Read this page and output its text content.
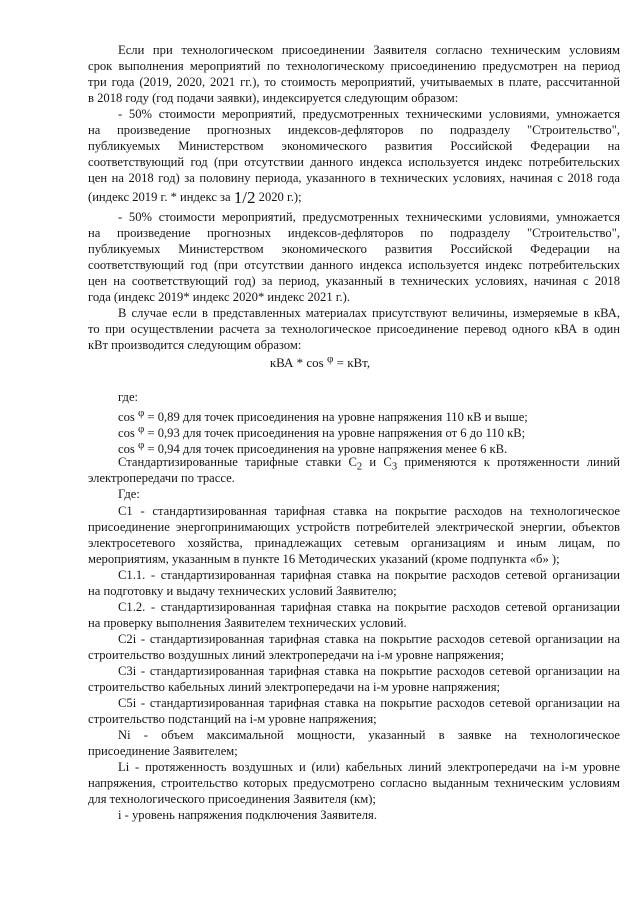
Если при технологическом присоединении Заявителя согласно техническим условиям
срок выполнения мероприятий по технологическому присоединению предусмотрен на период
три года (2019, 2020, 2021 гг.), то стоимость мероприятий, учитываемых в плате, рассчитанной
в 2018 году (год подачи заявки), индексируется следующим образом:
- 50% стоимости мероприятий, предусмотренных техническими условиями, умножается
на произведение прогнозных индексов-дефляторов по подразделу "Строительство",
публикуемых Министерством экономического развития Российской Федерации на
соответствующий год (при отсутствии данного индекса используется индекс потребительских
цен на 2018 год) за половину периода, указанного в технических условиях, начиная с 2018 года
(индекс 2019 г. * индекс за 1/2 2020 г.);
- 50% стоимости мероприятий, предусмотренных техническими условиями, умножается
на произведение прогнозных индексов-дефляторов по подразделу "Строительство",
публикуемых Министерством экономического развития Российской Федерации на
соответствующий год (при отсутствии данного индекса используется индекс потребительских
цен на соответствующий год) за период, указанный в технических условиях, начиная с 2018
года (индекс 2019* индекс 2020* индекс 2021 г.).
В случае если в представленных материалах присутствуют величины, измеряемые в кВА,
то при осуществлении расчета за технологическое присоединение перевод одного кВА в один
кВт производится следующим образом:
кВА * cos $^\varphi$ = кВт,
где:
cos φ = 0,89 для точек присоединения на уровне напряжения 110 кВ и выше;
cos φ = 0,93 для точек присоединения на уровне напряжения от 6 до 110 кВ;
cos φ = 0,94 для точек присоединения на уровне напряжения менее 6 кВ.
Стандартизированные тарифные ставки $С_2$ и $С_3$ применяются к протяженности линий
электропередачи по трассе.
Где:
С1 - стандартизированная тарифная ставка на покрытие расходов на технологическое
присоединение энергопринимающих устройств потребителей электрической энергии, объектов
электросетевого хозяйства, принадлежащих сетевым организациям и иным лицам, по
мероприятиям, указанным в пункте 16 Методических указаний (кроме подпункта «б» );
С1.1. - стандартизированная тарифная ставка на покрытие расходов сетевой организации
на подготовку и выдачу технических условий Заявителю;
С1.2. - стандартизированная тарифная ставка на покрытие расходов сетевой организации
на проверку выполнения Заявителем технических условий.
С2i - стандартизированная тарифная ставка на покрытие расходов сетевой организации на
строительство воздушных линий электропередачи на i-м уровне напряжения;
С3i - стандартизированная тарифная ставка на покрытие расходов сетевой организации на
строительство кабельных линий электропередачи на i-м уровне напряжения;
С5i - стандартизированная тарифная ставка на покрытие расходов сетевой организации на
строительство подстанций на i-м уровне напряжения;
Ni - объем максимальной мощности, указанный в заявке на технологическое
присоединение Заявителем;
Li - протяженность воздушных и (или) кабельных линий электропередачи на i-м уровне
напряжения, строительство которых предусмотрено согласно выданным техническим условиям
для технологического присоединения Заявителя (км);
i - уровень напряжения подключения Заявителя.
